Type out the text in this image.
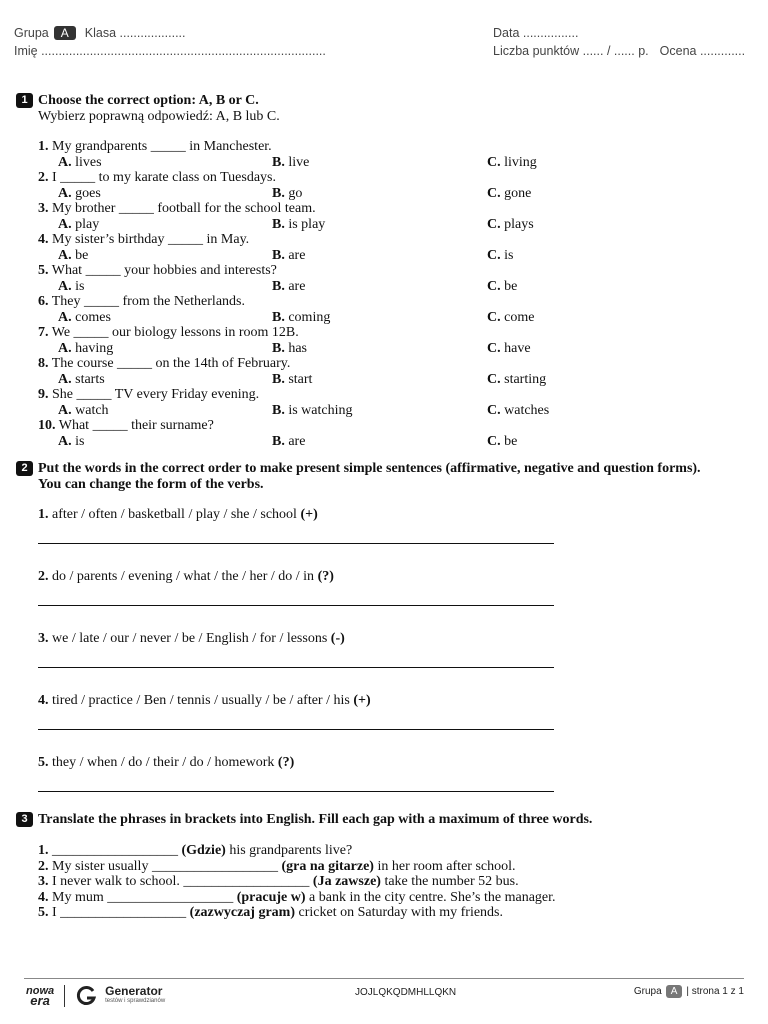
Grupa	A	Klasa ...................
Imię ..................................................................................
Data ................
Liczba punktów ...... / ...... p. Ocena .............
1 Choose the correct option: A, B or C.
Wybierz poprawną odpowiedź: A, B lub C.
1. My grandparents _____ in Manchester.
A. lives	B. live	C. living
2. I _____ to my karate class on Tuesdays.
A. goes	B. go	C. gone
3. My brother _____ football for the school team.
A. play	B. is play	C. plays
4. My sister’s birthday _____ in May.
A. be	B. are	C. is
5. What _____ your hobbies and interests?
A. is	B. are	C. be
6. They _____ from the Netherlands.
A. comes	B. coming	C. come
7. We _____ our biology lessons in room 12B.
A. having	B. has	C. have
8. The course _____ on the 14th of February.
A. starts	B. start	C. starting
9. She _____ TV every Friday evening.
A. watch	B. is watching	C. watches
10. What _____ their surname?
A. is	B. are	C. be
2 Put the words in the correct order to make present simple sentences (affirmative, negative and question forms). You can change the form of the verbs.
1. after / often / basketball / play / she / school (+)
2. do / parents / evening / what / the / her / do / in (?)
3. we / late / our / never / be / English / for / lessons (-)
4. tired / practice / Ben / tennis / usually / be / after / his (+)
5. they / when / do / their / do / homework (?)
3 Translate the phrases in brackets into English. Fill each gap with a maximum of three words.
1. __________________ (Gdzie) his grandparents live?
2. My sister usually __________________ (gra na gitarze) in her room after school.
3. I never walk to school. __________________ (Ja zawsze) take the number 52 bus.
4. My mum __________________ (pracuje w) a bank in the city centre. She’s the manager.
5. I __________________ (zazwyczaj gram) cricket on Saturday with my friends.
nowa
era
Generator
testów i sprawdzianów
JOJLQKQDMHLLQKN	Grupa A | strona 1 z 1
